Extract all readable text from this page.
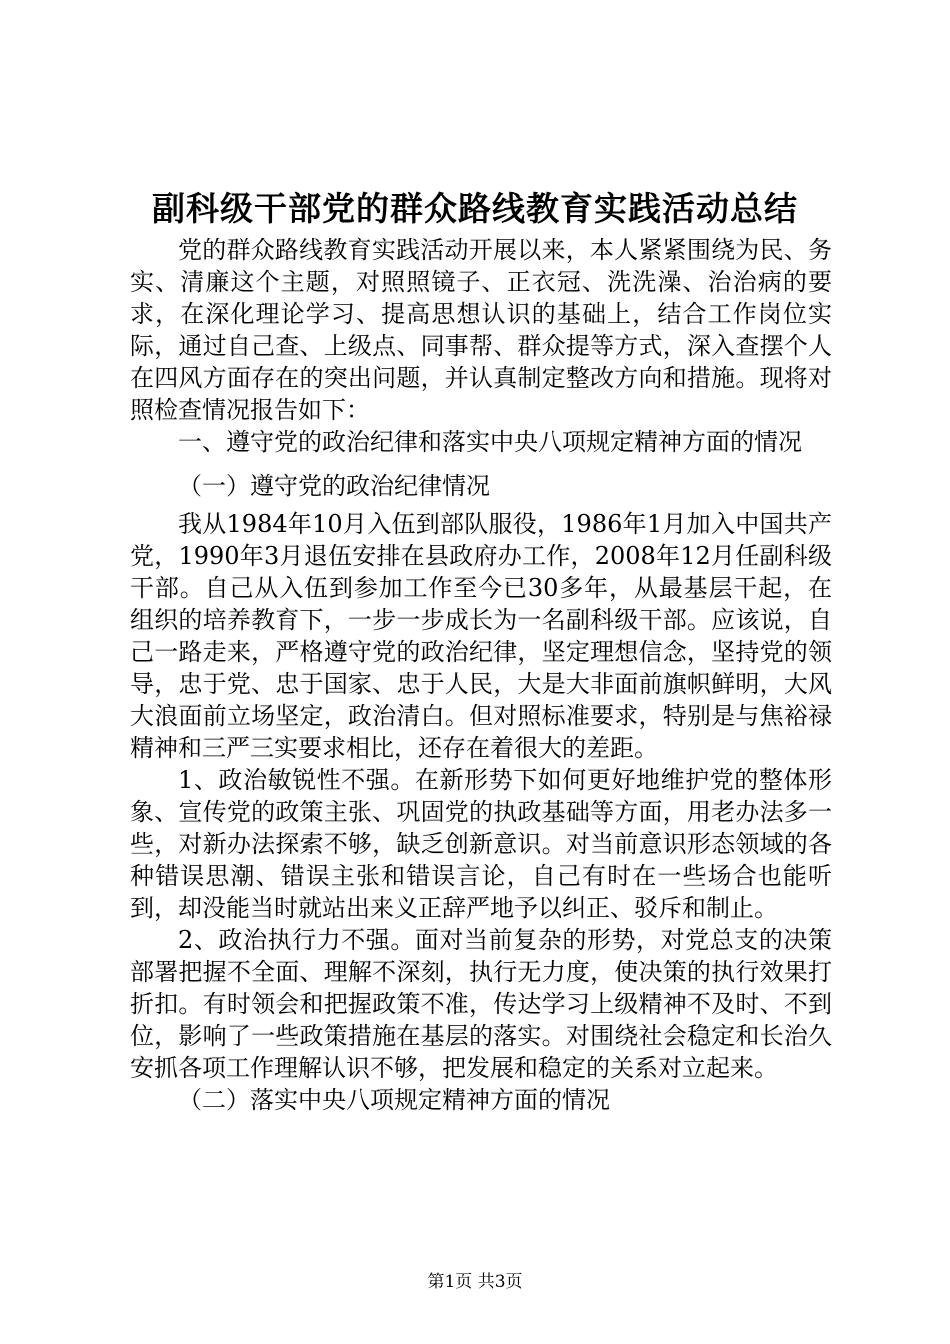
副科级干部党的群众路线教育实践活动总结

党的群众路线教育实践活动开展以来，本人紧紧围绕为民、务实、清廉这个主题，对照照镜子、正衣冠、洗洗澡、治治病的要求，在深化理论学习、提高思想认识的基础上，结合工作岗位实际，通过自己查、上级点、同事帮、群众提等方式，深入查摆个人在四风方面存在的突出问题，并认真制定整改方向和措施。现将对照检查情况报告如下：

一、遵守党的政治纪律和落实中央八项规定精神方面的情况

（一）遵守党的政治纪律情况

我从1984年10月入伍到部队服役，1986年1月加入中国共产党，1990年3月退伍安排在县政府办工作，2008年12月任副科级干部。自己从入伍到参加工作至今已30多年，从最基层干起，在组织的培养教育下，一步一步成长为一名副科级干部。应该说，自己一路走来，严格遵守党的政治纪律，坚定理想信念，坚持党的领导，忠于党、忠于国家、忠于人民，大是大非面前旗帜鲜明，大风大浪面前立场坚定，政治清白。但对照标准要求，特别是与焦裕禄精神和三严三实要求相比，还存在着很大的差距。

1、政治敏锐性不强。在新形势下如何更好地维护党的整体形象、宣传党的政策主张、巩固党的执政基础等方面，用老办法多一些，对新办法探索不够，缺乏创新意识。对当前意识形态领域的各种错误思潮、错误主张和错误言论，自己有时在一些场合也能听到，却没能当时就站出来义正辞严地予以纠正、驳斥和制止。

2、政治执行力不强。面对当前复杂的形势，对党总支的决策部署把握不全面、理解不深刻，执行无力度，使决策的执行效果打折扣。有时领会和把握政策不准，传达学习上级精神不及时、不到位，影响了一些政策措施在基层的落实。对围绕社会稳定和长治久安抓各项工作理解认识不够，把发展和稳定的关系对立起来。

（二）落实中央八项规定精神方面的情况

第1页 共3页
